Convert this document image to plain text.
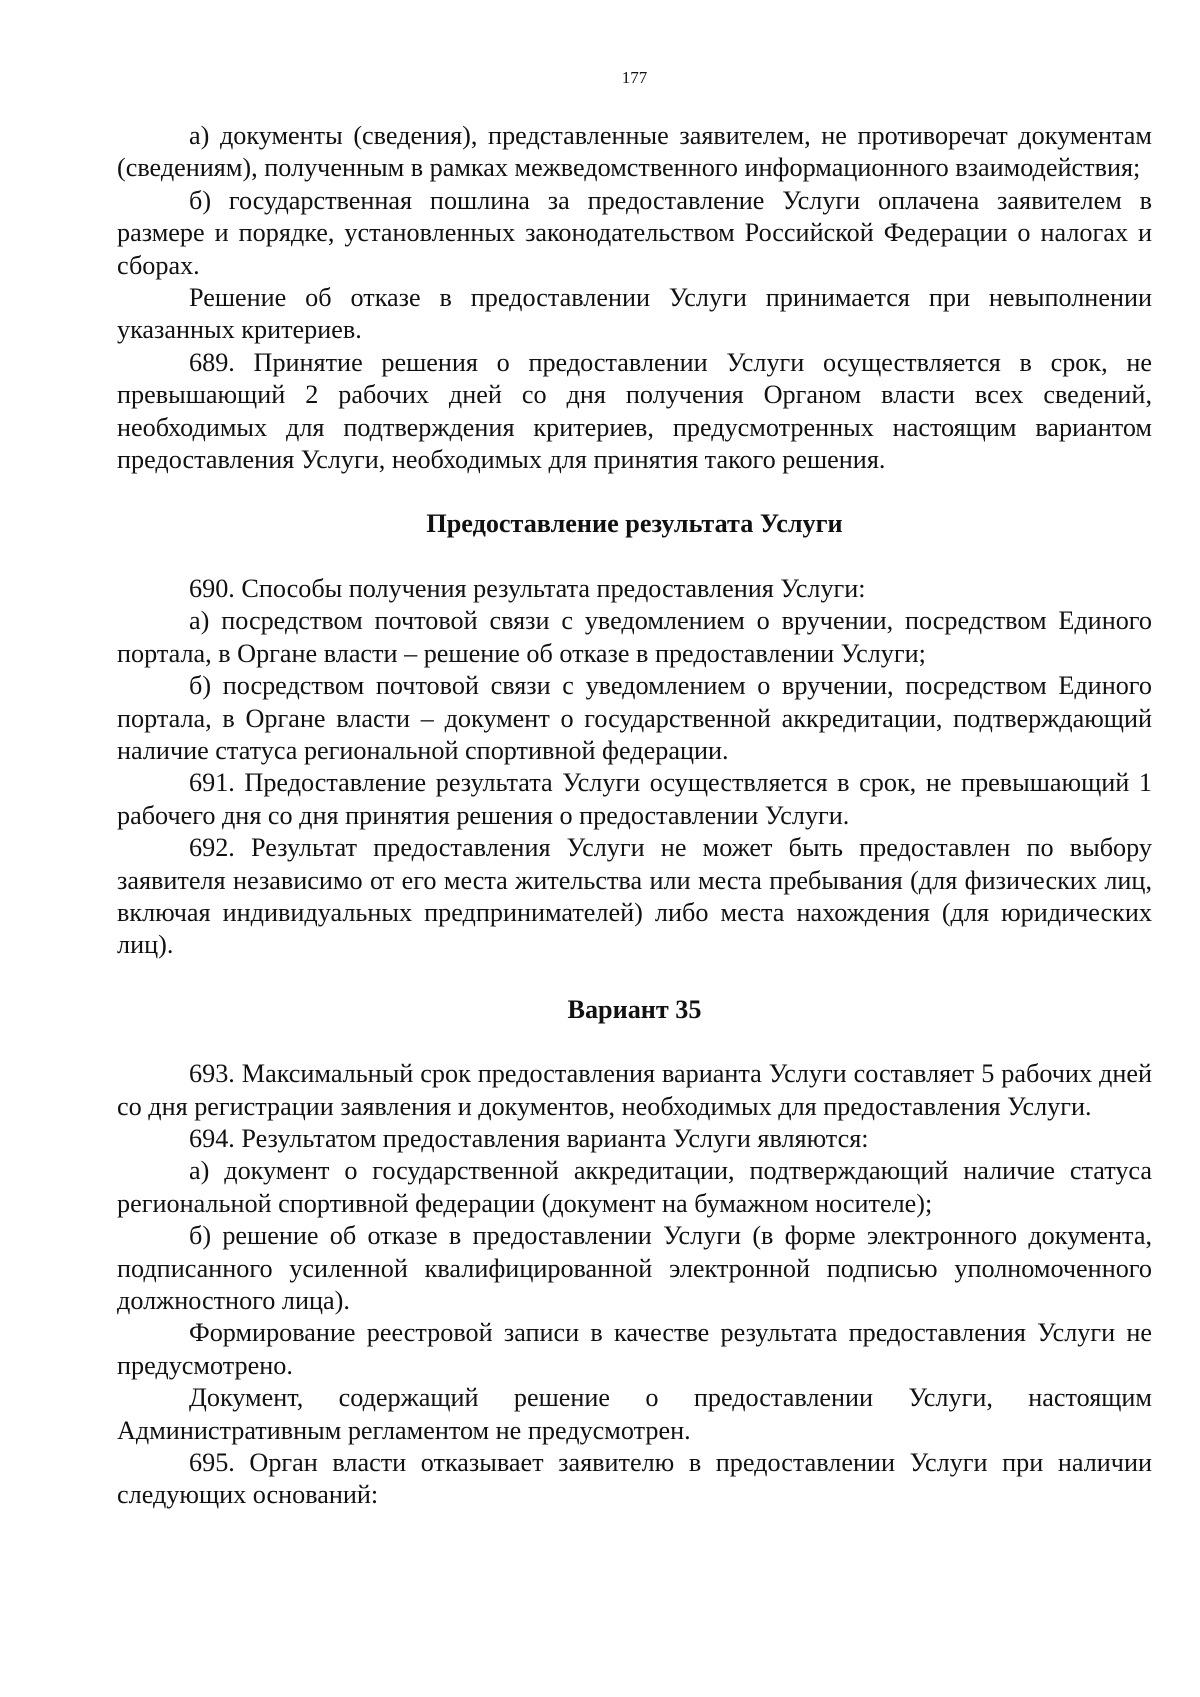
177

а) документы (сведения), представленные заявителем, не противоречат документам (сведениям), полученным в рамках межведомственного информационного взаимодействия;

б) государственная пошлина за предоставление Услуги оплачена заявителем в размере и порядке, установленных законодательством Российской Федерации о налогах и сборах.

Решение об отказе в предоставлении Услуги принимается при невыполнении указанных критериев.

689. Принятие решения о предоставлении Услуги осуществляется в срок, не превышающий 2 рабочих дней со дня получения Органом власти всех сведений, необходимых для подтверждения критериев, предусмотренных настоящим вариантом предоставления Услуги, необходимых для принятия такого решения.

Предоставление результата Услуги

690. Способы получения результата предоставления Услуги:

а) посредством почтовой связи с уведомлением о вручении, посредством Единого портала, в Органе власти – решение об отказе в предоставлении Услуги;

б) посредством почтовой связи с уведомлением о вручении, посредством Единого портала, в Органе власти – документ о государственной аккредитации, подтверждающий наличие статуса региональной спортивной федерации.

691. Предоставление результата Услуги осуществляется в срок, не превышающий 1 рабочего дня со дня принятия решения о предоставлении Услуги.

692. Результат предоставления Услуги не может быть предоставлен по выбору заявителя независимо от его места жительства или места пребывания (для физических лиц, включая индивидуальных предпринимателей) либо места нахождения (для юридических лиц).

Вариант 35

693. Максимальный срок предоставления варианта Услуги составляет 5 рабочих дней со дня регистрации заявления и документов, необходимых для предоставления Услуги.

694. Результатом предоставления варианта Услуги являются:

а) документ о государственной аккредитации, подтверждающий наличие статуса региональной спортивной федерации (документ на бумажном носителе);

б) решение об отказе в предоставлении Услуги (в форме электронного документа, подписанного усиленной квалифицированной электронной подписью уполномоченного должностного лица).

Формирование реестровой записи в качестве результата предоставления Услуги не предусмотрено.

Документ, содержащий решение о предоставлении Услуги, настоящим Административным регламентом не предусмотрен.

695. Орган власти отказывает заявителю в предоставлении Услуги при наличии следующих оснований:
